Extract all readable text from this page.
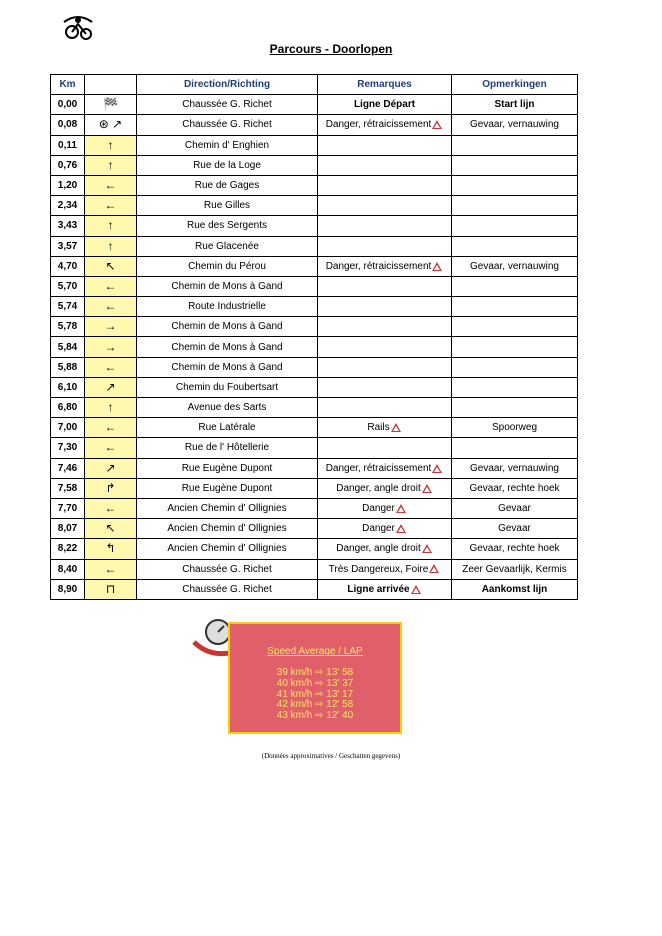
Parcours - Doorlopen
Km		Direction/Richting	Remarques	Opmerkingen
0,00	🏁	Chaussée G. Richet	Ligne Départ	Start lijn
0,08	⊛ ↗	Chaussée G. Richet	Danger, rétraicissement	Gevaar, vernauwing
0,11	↑	Chemin d' Enghien		
0,76	↑	Rue de la Loge		
1,20	←	Rue de Gages		
2,34	←	Rue Gilles		
3,43	↑	Rue des Sergents		
3,57	↑	Rue Glacenée		
4,70	↖	Chemin du Pérou	Danger, rétraicissement	Gevaar, vernauwing
5,70	←	Chemin de Mons à Gand		
5,74	←	Route Industrielle		
5,78	→	Chemin de Mons à Gand		
5,84	→	Chemin de Mons à Gand		
5,88	←	Chemin de Mons à Gand		
6,10	↗	Chemin du Foubertsart		
6,80	↑	Avenue des Sarts		
7,00	←	Rue Latérale	Rails	Spoorweg
7,30	←	Rue de l' Hôtellerie		
7,46	↗	Rue Eugène Dupont	Danger, rétraicissement	Gevaar, vernauwing
7,58	↱	Rue Eugène Dupont	Danger, angle droit	Gevaar, rechte hoek
7,70	←	Ancien Chemin d' Ollignies	Danger	Gevaar
8,07	↖	Ancien Chemin d' Ollignies	Danger	Gevaar
8,22	↰	Ancien Chemin d' Ollignies	Danger, angle droit	Gevaar, rechte hoek
8,40	←	Chaussée G. Richet	Très Dangereux, Foire	Zeer Gevaarlijk, Kermis
8,90	⊓	Chaussée G. Richet	Ligne arrivée	Aankomst lijn
Speed Average / LAP
39 km/h ⇨ 13' 58
40 km/h ⇨ 13' 37
41 km/h ⇨ 13' 17
42 km/h ⇨ 12' 58
43 km/h ⇨ 12' 40
(Données approximatives / Geschatten gegevens)
